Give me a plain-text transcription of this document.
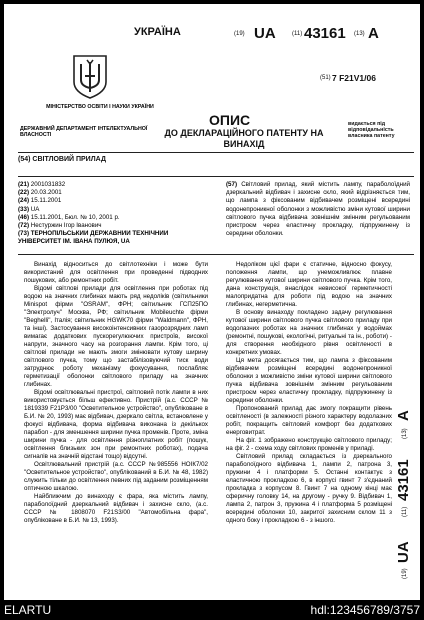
МІНІСТЕРСТВО ОСВІТИ І НАУКИ УКРАЇНИ
ДЕРЖАВНИЙ ДЕПАРТАМЕНТ ІНТЕЛЕКТУАЛЬНОЇ ВЛАСНОСТІ
УКРАЇНА	(19) UA	(11) 43161 (13) A
(51) 7 F21V1/06
ОПИС
ДО ДЕКЛАРАЦІЙНОГО ПАТЕНТУ НА ВИНАХІД
видається під відповідальність власника патенту
(54) СВІТЛОВИЙ ПРИЛАД
(21) 2001031832
(22) 20.03.2001
(24) 15.11.2001
(33) UA
(46) 15.11.2001, Бюл. № 10, 2001 р.
(72) Нестуржин Ігор Іванович
(73) ТЕРНОПІЛЬСЬКИЙ ДЕРЖАВНИЙ ТЕХНІЧНИЙ УНІВЕРСИТЕТ ІМ. ІВАНА ПУЛЮЯ, UA
(57) Світловий прилад, який містить лампу, параболоїдний дзеркальний відбивач і захисне скло, який відрізняється тим, що лампа з фіксованим відбивачем розміщені всередині водонепроникної оболонки з можливістю зміни кутової ширини світлового пучка відбивача зовнішнім змінним регульованим пристроєм через еластичну прокладку, підпружинену із середини оболонки.

Винахід відноситься до світлотехніки і може бути використаний для освітлення при проведенні підводних пошукових, або ремонтних робіт.

Відомі світлові прилади для освітлення при роботах під водою на значних глибинах мають ряд недоліків (світильники Minispot фірми "OSRAM", ФРН; світильник ГСП25ПО "Электролуч" Москва, РФ; світильник Mobileuchte фірми "Beghelli", Італія; світильник HGWK70 фірми "Waldmann", ФРН, та інші). Застосування високоінтенсивних газорозрядних ламп вимагає додаткових пускорегулюючих пристроїв, високої напруги, значного часу на розгорання лампи. Крім того, ці світлові прилади не мають змоги змінювати кутову ширину світлового пучка, тому що застабілізовуючий тиск води затруднює роботу механізму фокусування, послабляє герметизації оболонки світлового приладу на значних глибинах.

Відомі освітлювальні пристрої, світловий потік лампи в них використовується більш ефективно. Пристрій (а.с. СССР № 1819339 F21P3/00 "Осветительное устройство", опубліковане в Б.И. № 20, 1993) має відбивач, дзеркало світла, встановлене у фокусі відбивача, форма відбивача виконана із декількох парабол - для зменшення ширини пучка променів. Проте, зміна ширини пучка - для освітлення різноплатних робіт (пошук, освітлення близьких зон при ремонтних роботах), подача сигналів на значній відстані тощо) відсутні.

Освітлювальний пристрій (а.с. СССР №985556 НОІК7/02 "Осветительное устройство", опублікований в Б.И. № 48, 1982) служить тільки до освітлення певних під заданим розміщенням оптичною шкалою.

Найближчим до винаходу є фара, яка містить лампу, параболоїдний дзеркальний відбивач і захисне скло, (а.с. СССР № 1808070 F21S3/00 "Автомобільна фара", опубліковане в Б.И. № 13, 1993).

Недоліком цієї фари є статичне, відносно фокусу, положення лампи, що унеможливлює плавне регулювання кутової ширини світлового пучка. Крім того, дана конструкція, внаслідок невисокої герметичності малопридатна для роботи під водою на значних глибинах, негерметична.

В основу винаходу покладено задачу регулювання кутової ширини світлового пучка світлового приладу при водолазних роботах на значних глибинах у водоймах (ремонтні, пошукові, екологічні, ритуальні та ін., роботи) - для створення необхідного рівня освітленості в конкретних умовах.

Ця мета досягається тим, що лампа з фіксованим відбивачем розміщені всередині водонепроникної оболонки з можливістю зміни кутової ширини світлового пучка відбивача зовнішнім змінним регульованим пристроєм через еластичну прокладку, підпружинену із середини оболонки.

Пропонований прилад дає змогу покращити рівень освітленості (в залежності різного характеру водолазних робіт, покращить світловий комфорт без додаткових енерговитрат.

На фіг. 1 зображено конструкцію світлового приладу; на фіг. 2 - схема ходу світлових променів у приладі.

Світловий прилад складається із дзеркального параболоїдного відбивача 1, лампи 2, патрона 3, пружини 4 і платформи 5. Останні контактує з еластичною прокладкою 6, в корпусі гвинт 7 з'єднаний прокладка з корпусом 8. Гвинт 7 на одному кінці має сферичну головку 14, на другому - ручку 9. Відбивач 1, лампа 2, патрон 3, пружина 4 і платформа 5 розміщені всередині оболонки 10, закритої захисним склом 11 з одного боку і прокладкою 6 - з іншого.

(19)
UA
(11)
43161
(13)
A
ELARTU	hdl:123456789/3757
